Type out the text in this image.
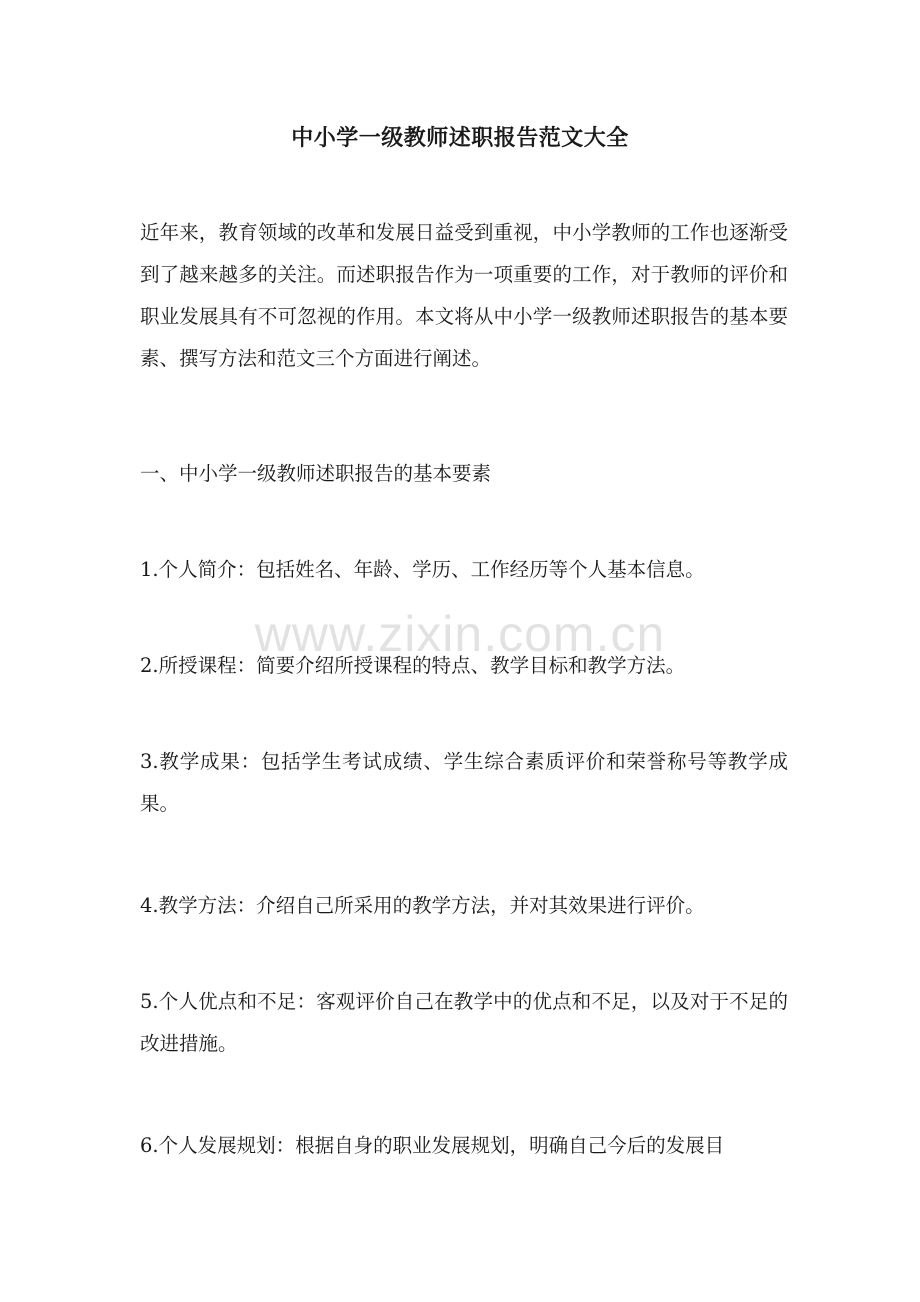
中小学一级教师述职报告范文大全

近年来，教育领域的改革和发展日益受到重视，中小学教师的工作也逐渐受到了越来越多的关注。而述职报告作为一项重要的工作，对于教师的评价和职业发展具有不可忽视的作用。本文将从中小学一级教师述职报告的基本要素、撰写方法和范文三个方面进行阐述。

一、中小学一级教师述职报告的基本要素

1.个人简介：包括姓名、年龄、学历、工作经历等个人基本信息。

2.所授课程：简要介绍所授课程的特点、教学目标和教学方法。

3.教学成果：包括学生考试成绩、学生综合素质评价和荣誉称号等教学成果。

4.教学方法：介绍自己所采用的教学方法，并对其效果进行评价。

5.个人优点和不足：客观评价自己在教学中的优点和不足，以及对于不足的改进措施。

6.个人发展规划：根据自身的职业发展规划，明确自己今后的发展目

www.zixin.com.cn
